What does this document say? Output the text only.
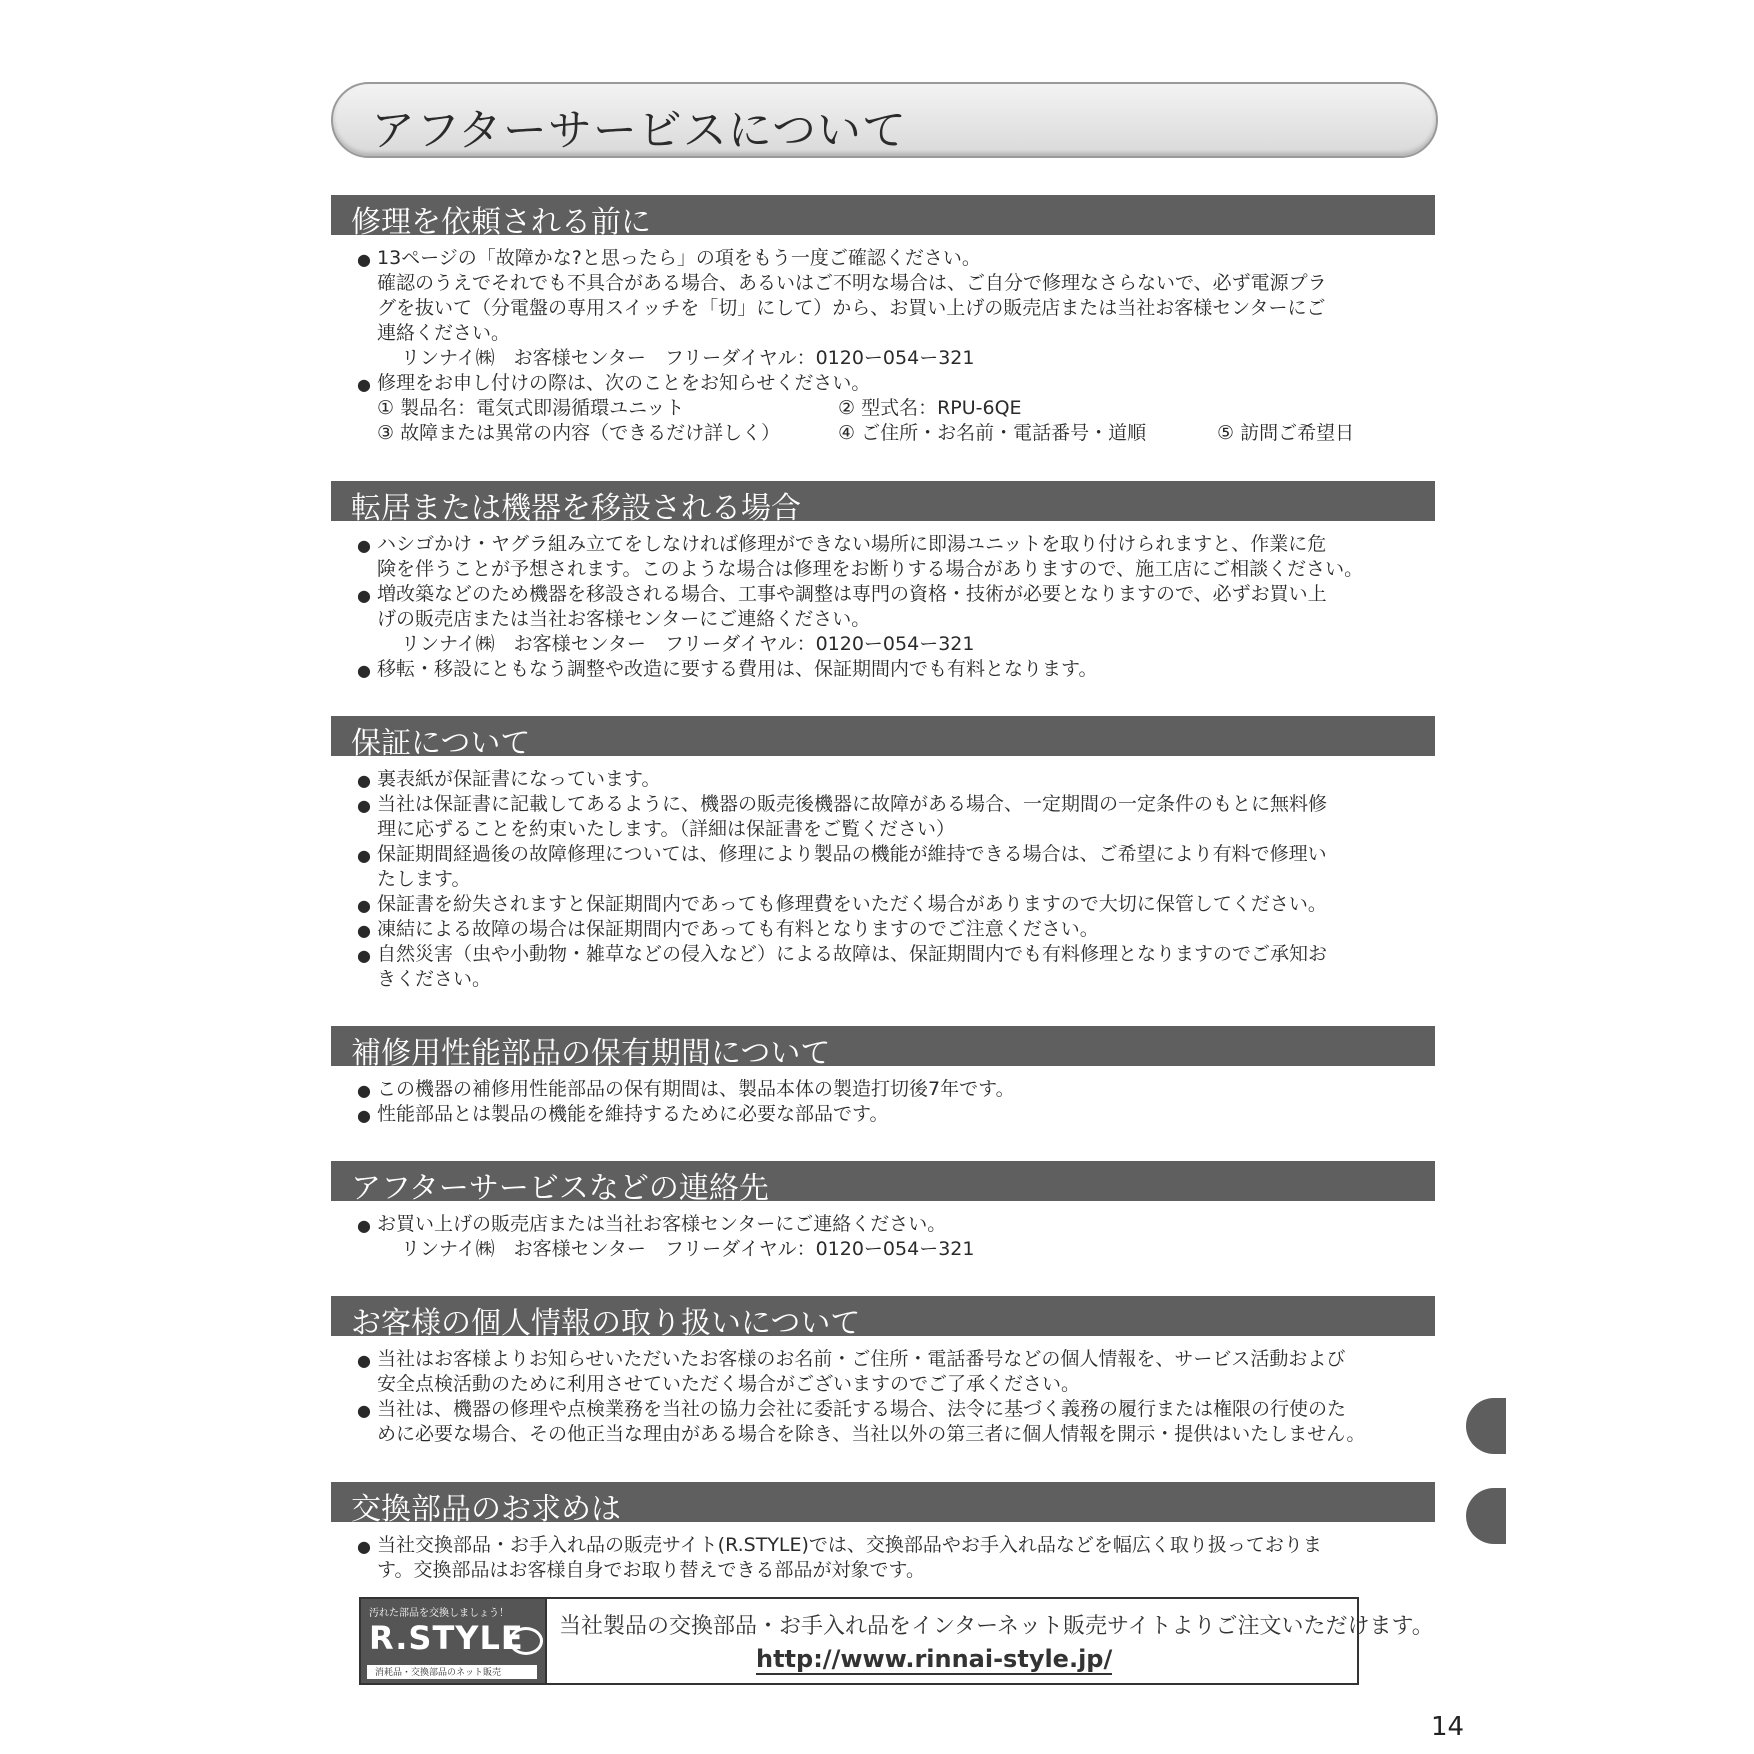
アフターサービスについて
修理を依頼される前に
● 13ページの「故障かな?と思ったら」の項をもう一度ご確認ください。
確認のうえでそれでも不具合がある場合、あるいはご不明な場合は、ご自分で修理なさらないで、必ず電源プラ
グを抜いて（分電盤の専用スイッチを「切」にして）から、お買い上げの販売店または当社お客様センターにご
連絡ください。
リンナイ㈱　お客様センター　フリーダイヤル：0120ー054ー321
● 修理をお申し付けの際は、次のことをお知らせください。
① 製品名：電気式即湯循環ユニット	② 型式名：RPU-6QE
③ 故障または異常の内容（できるだけ詳しく）	④ ご住所・お名前・電話番号・道順	⑤ 訪問ご希望日
転居または機器を移設される場合
● ハシゴかけ・ヤグラ組み立てをしなければ修理ができない場所に即湯ユニットを取り付けられますと、作業に危
険を伴うことが予想されます。このような場合は修理をお断りする場合がありますので、施工店にご相談ください。
● 増改築などのため機器を移設される場合、工事や調整は専門の資格・技術が必要となりますので、必ずお買い上
げの販売店または当社お客様センターにご連絡ください。
リンナイ㈱　お客様センター　フリーダイヤル：0120ー054ー321
● 移転・移設にともなう調整や改造に要する費用は、保証期間内でも有料となります。
保証について
● 裏表紙が保証書になっています。
● 当社は保証書に記載してあるように、機器の販売後機器に故障がある場合、一定期間の一定条件のもとに無料修
理に応ずることを約束いたします。（詳細は保証書をご覧ください）
● 保証期間経過後の故障修理については、修理により製品の機能が維持できる場合は、ご希望により有料で修理い
たします。
● 保証書を紛失されますと保証期間内であっても修理費をいただく場合がありますので大切に保管してください。
● 凍結による故障の場合は保証期間内であっても有料となりますのでご注意ください。
● 自然災害（虫や小動物・雑草などの侵入など）による故障は、保証期間内でも有料修理となりますのでご承知お
きください。
補修用性能部品の保有期間について
● この機器の補修用性能部品の保有期間は、製品本体の製造打切後7年です。
● 性能部品とは製品の機能を維持するために必要な部品です。
アフターサービスなどの連絡先
● お買い上げの販売店または当社お客様センターにご連絡ください。
リンナイ㈱　お客様センター　フリーダイヤル：0120ー054ー321
お客様の個人情報の取り扱いについて
● 当社はお客様よりお知らせいただいたお客様のお名前・ご住所・電話番号などの個人情報を、サービス活動および
安全点検活動のために利用させていただく場合がございますのでご了承ください。
● 当社は、機器の修理や点検業務を当社の協力会社に委託する場合、法令に基づく義務の履行または権限の行使のた
めに必要な場合、その他正当な理由がある場合を除き、当社以外の第三者に個人情報を開示・提供はいたしません。
交換部品のお求めは
● 当社交換部品・お手入れ品の販売サイト(R.STYLE)では、交換部品やお手入れ品などを幅広く取り扱っておりま
す。交換部品はお客様自身でお取り替えできる部品が対象です。
汚れた部品を交換しましょう！
R.STYLE
消耗品・交換部品のネット販売
当社製品の交換部品・お手入れ品をインターネット販売サイトよりご注文いただけます。
http://www.rinnai-style.jp/
14
